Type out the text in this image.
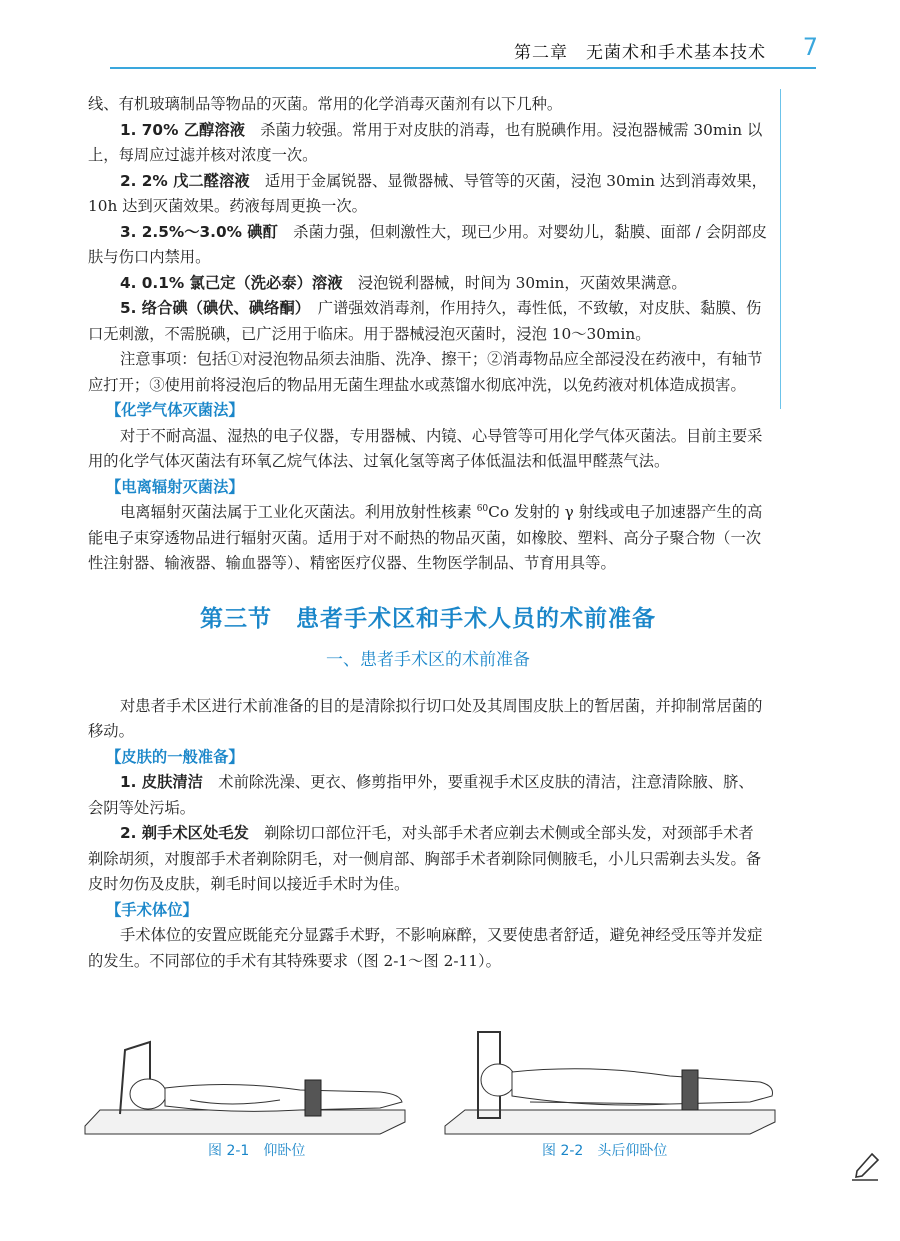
第二章　无菌术和手术基本技术 7

线、有机玻璃制品等物品的灭菌。常用的化学消毒灭菌剂有以下几种。

1. 70% 乙醇溶液　 杀菌力较强。常用于对皮肤的消毒，也有脱碘作用。浸泡器械需 30min 以上，每周应过滤并核对浓度一次。

2. 2% 戊二醛溶液　 适用于金属锐器、显微器械、导管等的灭菌，浸泡 30min 达到消毒效果，10h 达到灭菌效果。药液每周更换一次。

3. 2.5%～3.0% 碘酊　 杀菌力强，但刺激性大，现已少用。对婴幼儿，黏膜、面部 / 会阴部皮肤与伤口内禁用。

4. 0.1% 氯己定（洗必泰）溶液　 浸泡锐利器械，时间为 30min，灭菌效果满意。

5. 络合碘（碘伏、碘络酮）　 广谱强效消毒剂，作用持久，毒性低，不致敏，对皮肤、黏膜、伤口无刺激，不需脱碘，已广泛用于临床。用于器械浸泡灭菌时，浸泡 10～30min。

注意事项：包括①对浸泡物品须去油脂、洗净、擦干；②消毒物品应全部浸没在药液中，有轴节应打开；③使用前将浸泡后的物品用无菌生理盐水或蒸馏水彻底冲洗，以免药液对机体造成损害。

【化学气体灭菌法】

对于不耐高温、湿热的电子仪器，专用器械、内镜、心导管等可用化学气体灭菌法。目前主要采用的化学气体灭菌法有环氧乙烷气体法、过氧化氢等离子体低温法和低温甲醛蒸气法。

【电离辐射灭菌法】

电离辐射灭菌法属于工业化灭菌法。利用放射性核素 $^{60}$Co 发射的 γ 射线或电子加速器产生的高能电子束穿透物品进行辐射灭菌。适用于对不耐热的物品灭菌，如橡胶、塑料、高分子聚合物（一次性注射器、输液器、输血器等）、精密医疗仪器、生物医学制品、节育用具等。

第三节　患者手术区和手术人员的术前准备

一、患者手术区的术前准备

对患者手术区进行术前准备的目的是清除拟行切口处及其周围皮肤上的暂居菌，并抑制常居菌的移动。

【皮肤的一般准备】

1. 皮肤清洁　 术前除洗澡、更衣、修剪指甲外，要重视手术区皮肤的清洁，注意清除腋、脐、会阴等处污垢。

2. 剃手术区处毛发　 剃除切口部位汗毛，对头部手术者应剃去术侧或全部头发，对颈部手术者剃除胡须，对腹部手术者剃除阴毛，对一侧肩部、胸部手术者剃除同侧腋毛，小儿只需剃去头发。备皮时勿伤及皮肤，剃毛时间以接近手术时为佳。

【手术体位】

手术体位的安置应既能充分显露手术野，不影响麻醉，又要使患者舒适，避免神经受压等并发症的发生。不同部位的手术有其特殊要求（图 2-1～图 2-11）。

图 2-1　仰卧位	图 2-2　头后仰卧位
